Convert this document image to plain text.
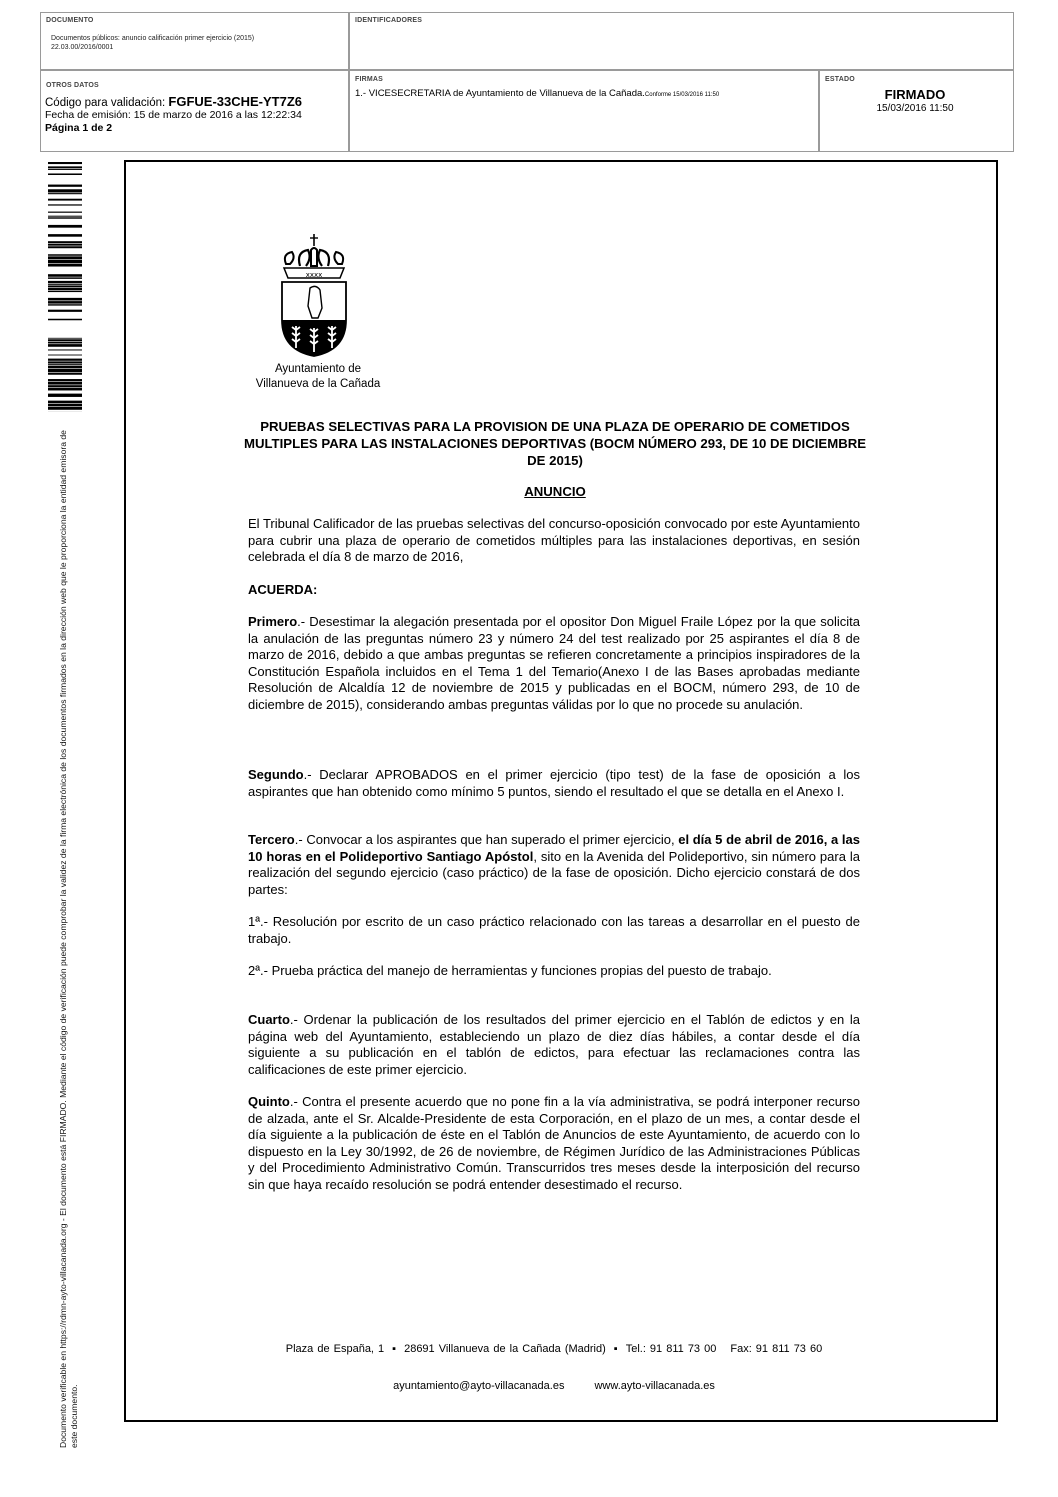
DOCUMENTO
Documentos públicos: anuncio calificación primer ejercicio (2015)
22.03.00/2016/0001
IDENTIFICADORES
OTROS DATOS
Código para validación: FGFUE-33CHE-YT7Z6
Fecha de emisión: 15 de marzo de 2016 a las 12:22:34
Página 1 de 2
FIRMAS
1.- VICESECRETARIA de Ayuntamiento de Villanueva de la Cañada.Conforme 15/03/2016 11:50
ESTADO
FIRMADO
15/03/2016 11:50
Documento verificable en https://rdmn-ayto-villacanada.org - El documento está FIRMADO. Mediante el código de verificación puede comprobar la validez de la firma electrónica de los documentos firmados en la dirección web que le proporciona la entidad emisora de este documento.
xxxx
Ayuntamiento de
Villanueva de la Cañada
PRUEBAS SELECTIVAS PARA LA PROVISION DE UNA PLAZA DE OPERARIO DE COMETIDOS MULTIPLES PARA LAS INSTALACIONES DEPORTIVAS (BOCM NÚMERO 293, DE 10 DE DICIEMBRE DE 2015)
ANUNCIO
El Tribunal Calificador de las pruebas selectivas del concurso-oposición convocado por este Ayuntamiento para cubrir una plaza de operario de cometidos múltiples para las instalaciones deportivas, en sesión celebrada el día 8 de marzo de 2016,
ACUERDA:
Primero.- Desestimar la alegación presentada por el opositor Don Miguel Fraile López por la que solicita la anulación de las preguntas número 23 y número 24 del test realizado por 25 aspirantes el día 8 de marzo de 2016, debido a que ambas preguntas se refieren concretamente a principios inspiradores de la Constitución Española incluidos en el Tema 1 del Temario(Anexo I de las Bases aprobadas mediante Resolución de Alcaldía 12 de noviembre de 2015 y publicadas en el BOCM, número 293, de 10 de diciembre de 2015), considerando ambas preguntas válidas por lo que no procede su anulación.
Segundo.- Declarar APROBADOS en el primer ejercicio (tipo test) de la fase de oposición a los aspirantes que han obtenido como mínimo 5 puntos, siendo el resultado el que se detalla en el Anexo I.
Tercero.- Convocar a los aspirantes que han superado el primer ejercicio, el día 5 de abril de 2016, a las 10 horas en el Polideportivo Santiago Apóstol, sito en la Avenida del Polideportivo, sin número para la realización del segundo ejercicio (caso práctico) de la fase de oposición. Dicho ejercicio constará de dos partes:
1ª.- Resolución por escrito de un caso práctico relacionado con las tareas a desarrollar en el puesto de trabajo.
2ª.- Prueba práctica del manejo de herramientas y funciones propias del puesto de trabajo.
Cuarto.- Ordenar la publicación de los resultados del primer ejercicio en el Tablón de edictos y en la página web del Ayuntamiento, estableciendo un plazo de diez días hábiles, a contar desde el día siguiente a su publicación en el tablón de edictos, para efectuar las reclamaciones contra las calificaciones de este primer ejercicio.
Quinto.- Contra el presente acuerdo que no pone fin a la vía administrativa, se podrá interponer recurso de alzada, ante el Sr. Alcalde-Presidente de esta Corporación, en el plazo de un mes, a contar desde el día siguiente a la publicación de éste en el Tablón de Anuncios de este Ayuntamiento, de acuerdo con lo dispuesto en la Ley 30/1992, de 26 de noviembre, de Régimen Jurídico de las Administraciones Públicas y del Procedimiento Administrativo Común. Transcurridos tres meses desde la interposición del recurso sin que haya recaído resolución se podrá entender desestimado el recurso.
Plaza de España, 1 ▪ 28691 Villanueva de la Cañada (Madrid) ▪ Tel.: 91 811 73 00 Fax: 91 811 73 60
ayuntamiento@ayto-villacanada.es	www.ayto-villacanada.es
